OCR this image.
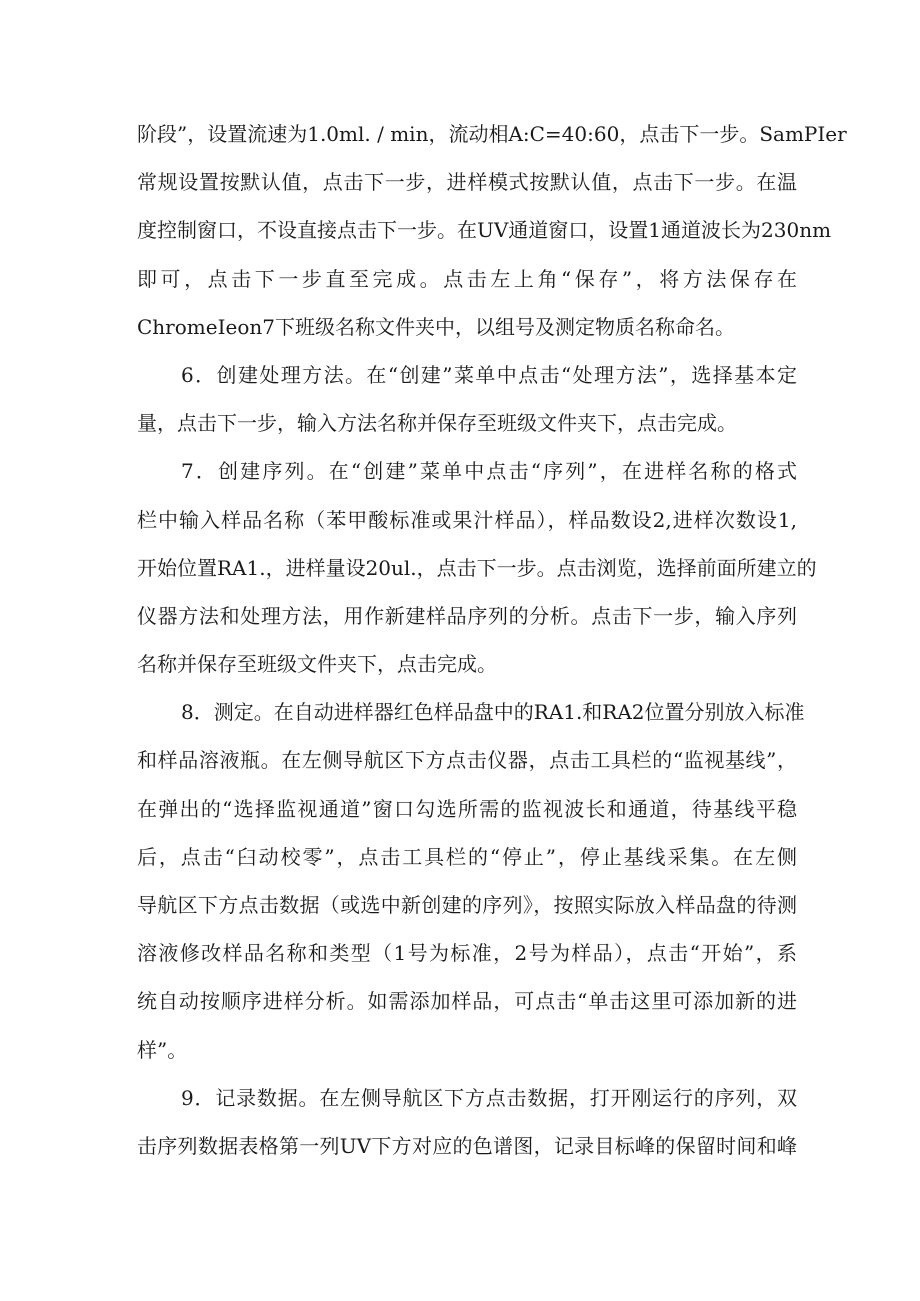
阶段”，设置流速为1.0ml. / min，流动相A:C=40:60，点击下一步。SamPIer
常规设置按默认值，点击下一步，进样模式按默认值，点击下一步。在温
度控制窗口，不设直接点击下一步。在UV通道窗口，设置1通道波长为230nm
即可，点击下一步直至完成。点击左上角“保存”，将方法保存在
ChromeIeon7下班级名称文件夹中，以组号及测定物质名称命名。
6．创建处理方法。在“创建”菜单中点击“处理方法”，选择基本定
量，点击下一步，输入方法名称并保存至班级文件夹下，点击完成。
7．创建序列。在“创建”菜单中点击“序列”，在进样名称的格式
栏中输入样品名称（苯甲酸标准或果汁样品），样品数设2,进样次数设1,
开始位置RA1.，进样量设20ul.，点击下一步。点击浏览，选择前面所建立的
仪器方法和处理方法，用作新建样品序列的分析。点击下一步，输入序列
名称并保存至班级文件夹下，点击完成。
8．测定。在自动进样器红色样品盘中的RA1.和RA2位置分别放入标准
和样品溶液瓶。在左侧导航区下方点击仪器，点击工具栏的“监视基线”，
在弹出的“选择监视通道”窗口勾选所需的监视波长和通道，待基线平稳
后，点击“臼动校零”，点击工具栏的“停止”，停止基线采集。在左侧
导航区下方点击数据（或选中新创建的序列》，按照实际放入样品盘的待测
溶液修改样品名称和类型（1号为标准，2号为样品），点击“开始”，系
统自动按顺序进样分析。如需添加样品，可点击“单击这里可添加新的进
样”。
9．记录数据。在左侧导航区下方点击数据，打开刚运行的序列，双
击序列数据表格第一列UV下方对应的色谱图，记录目标峰的保留时间和峰
